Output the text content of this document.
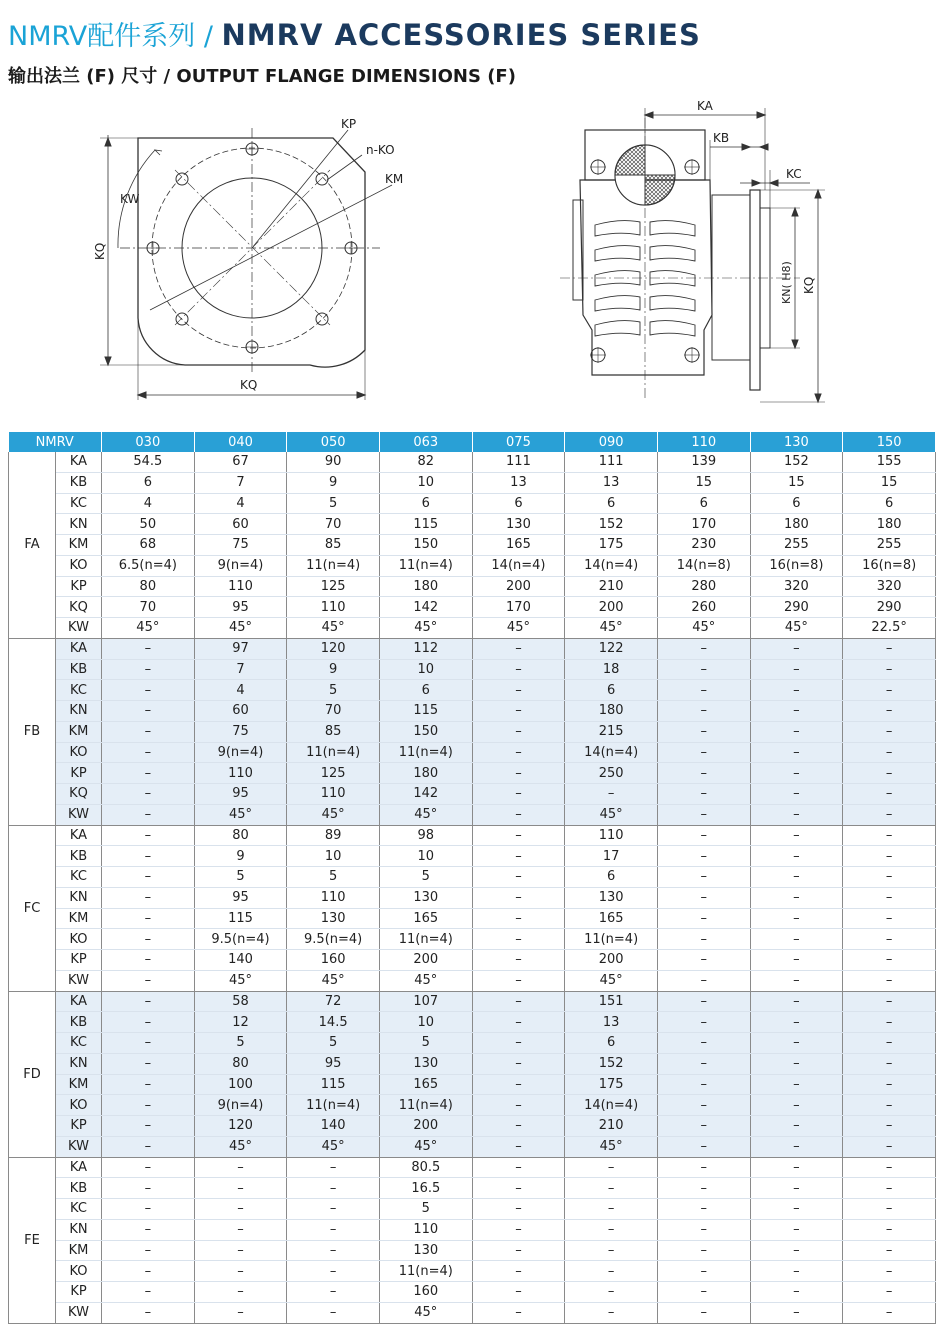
NMRV配件系列 / NMRV ACCESSORIES SERIES
输出法兰 (F) 尺寸 / OUTPUT FLANGE DIMENSIONS (F)
KP
n-KO
KM
KW
KQ
KQ
KA
KB
KC
KN( H8) KQ
NMRV		030	040	050	063	075	090	110	130	150
FA	KA	54.5	67	90	82	111	111	139	152	155
	KB	6	7	9	10	13	13	15	15	15
	KC	4	4	5	6	6	6	6	6	6
	KN	50	60	70	115	130	152	170	180	180
	KM	68	75	85	150	165	175	230	255	255
	KO	6.5(n=4)	9(n=4)	11(n=4)	11(n=4)	14(n=4)	14(n=4)	14(n=8)	16(n=8)	16(n=8)
	KP	80	110	125	180	200	210	280	320	320
	KQ	70	95	110	142	170	200	260	290	290
	KW	45°	45°	45°	45°	45°	45°	45°	45°	22.5°
FB	KA	–	97	120	112	–	122	–	–	–
	KB	–	7	9	10	–	18	–	–	–
	KC	–	4	5	6	–	6	–	–	–
	KN	–	60	70	115	–	180	–	–	–
	KM	–	75	85	150	–	215	–	–	–
	KO	–	9(n=4)	11(n=4)	11(n=4)	–	14(n=4)	–	–	–
	KP	–	110	125	180	–	250	–	–	–
	KQ	–	95	110	142	–	–	–	–	–
	KW	–	45°	45°	45°	–	45°	–	–	–
FC	KA	–	80	89	98	–	110	–	–	–
	KB	–	9	10	10	–	17	–	–	–
	KC	–	5	5	5	–	6	–	–	–
	KN	–	95	110	130	–	130	–	–	–
	KM	–	115	130	165	–	165	–	–	–
	KO	–	9.5(n=4)	9.5(n=4)	11(n=4)	–	11(n=4)	–	–	–
	KP	–	140	160	200	–	200	–	–	–
	KW	–	45°	45°	45°	–	45°	–	–	–
FD	KA	–	58	72	107	–	151	–	–	–
	KB	–	12	14.5	10	–	13	–	–	–
	KC	–	5	5	5	–	6	–	–	–
	KN	–	80	95	130	–	152	–	–	–
	KM	–	100	115	165	–	175	–	–	–
	KO	–	9(n=4)	11(n=4)	11(n=4)	–	14(n=4)	–	–	–
	KP	–	120	140	200	–	210	–	–	–
	KW	–	45°	45°	45°	–	45°	–	–	–
FE	KA	–	–	–	80.5	–	–	–	–	–
	KB	–	–	–	16.5	–	–	–	–	–
	KC	–	–	–	5	–	–	–	–	–
	KN	–	–	–	110	–	–	–	–	–
	KM	–	–	–	130	–	–	–	–	–
	KO	–	–	–	11(n=4)	–	–	–	–	–
	KP	–	–	–	160	–	–	–	–	–
	KW	–	–	–	45°	–	–	–	–	–
